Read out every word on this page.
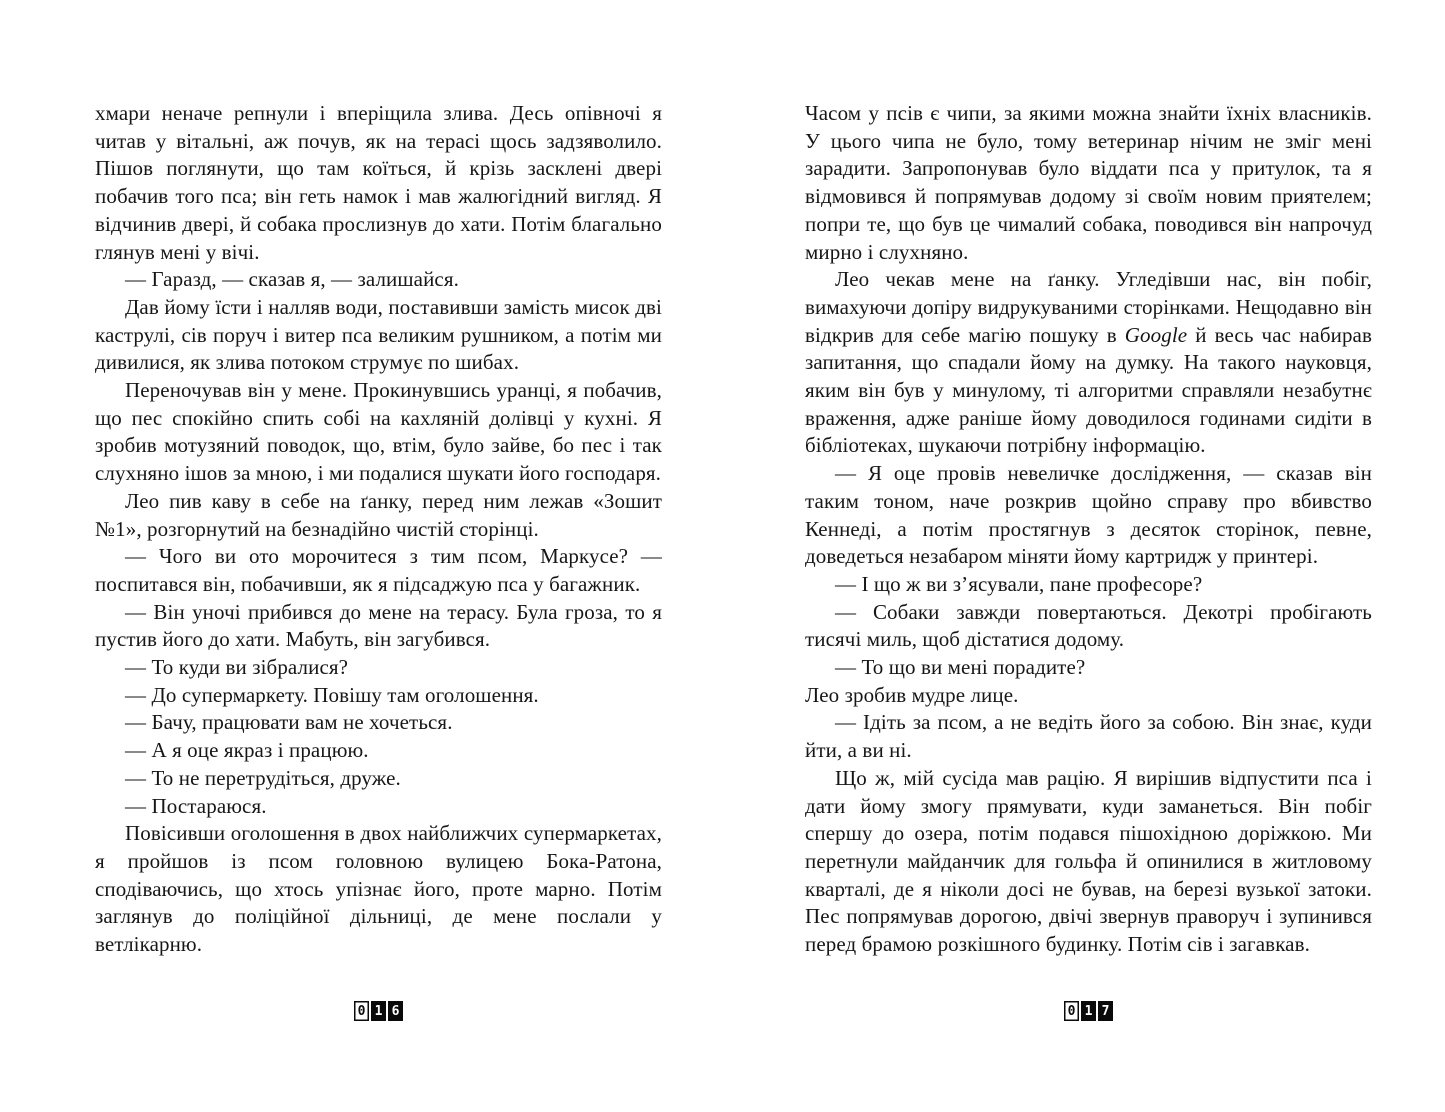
хмари неначе репнули і вперіщила злива. Десь опівночі я читав у вітальні, аж почув, як на терасі щось задзяволило. Пішов поглянути, що там коїться, й крізь засклені двері побачив того пса; він геть намок і мав жалюгідний вигляд. Я відчинив двері, й собака прослизнув до хати. Потім благально глянув мені у вічі.

— Гаразд, — сказав я, — залишайся.

Дав йому їсти і налляв води, поставивши замість мисок дві каструлі, сів поруч і витер пса великим рушником, а потім ми дивилися, як злива потоком струмує по шибах.

Переночував він у мене. Прокинувшись уранці, я побачив, що пес спокійно спить собі на кахляній долівці у кухні. Я зробив мотузяний поводок, що, втім, було зайве, бо пес і так слухняно ішов за мною, і ми подалися шукати його господаря.

Лео пив каву в себе на ґанку, перед ним лежав «Зошит №1», розгорнутий на безнадійно чистій сторінці.

— Чого ви ото морочитеся з тим псом, Маркусе? — поспитався він, побачивши, як я підсаджую пса у багажник.

— Він уночі прибився до мене на терасу. Була гроза, то я пустив його до хати. Мабуть, він загубився.

— То куди ви зібралися?

— До супермаркету. Повішу там оголошення.

— Бачу, працювати вам не хочеться.

— А я оце якраз і працюю.

— То не перетрудіться, друже.

— Постараюся.

Повісивши оголошення в двох найближчих супермаркетах, я пройшов із псом головною вулицею Бока-Ратона, сподіваючись, що хтось упізнає його, проте марно. Потім заглянув до поліційної дільниці, де мене послали у ветлікарню.

0 1 6

Часом у псів є чипи, за якими можна знайти їхніх власників. У цього чипа не було, тому ветеринар нічим не зміг мені зарадити. Запропонував було віддати пса у притулок, та я відмовився й попрямував додому зі своїм новим приятелем; попри те, що був це чималий собака, поводився він напрочуд мирно і слухняно.

Лео чекав мене на ґанку. Угледівши нас, він побіг, вимахуючи допіру видрукуваними сторінками. Нещодавно він відкрив для себе магію пошуку в Google й весь час набирав запитання, що спадали йому на думку. На такого науковця, яким він був у минулому, ті алгоритми справляли незабутнє враження, адже раніше йому доводилося годинами сидіти в бібліотеках, шукаючи потрібну інформацію.

— Я оце провів невеличке дослідження, — сказав він таким тоном, наче розкрив щойно справу про вбивство Кеннеді, а потім простягнув з десяток сторінок, певне, доведеться незабаром міняти йому картридж у принтері.

— І що ж ви з’ясували, пане професоре?

— Собаки завжди повертаються. Декотрі пробігають тисячі миль, щоб дістатися додому.

— То що ви мені порадите?

Лео зробив мудре лице.

— Ідіть за псом, а не ведіть його за собою. Він знає, куди йти, а ви ні.

Що ж, мій сусіда мав рацію. Я вирішив відпустити пса і дати йому змогу прямувати, куди заманеться. Він побіг спершу до озера, потім подався пішохідною доріжкою. Ми перетнули майданчик для гольфа й опинилися в житловому кварталі, де я ніколи досі не бував, на березі вузької затоки. Пес попрямував дорогою, двічі звернув праворуч і зупинився перед брамою розкішного будинку. Потім сів і загавкав.

0 1 7
